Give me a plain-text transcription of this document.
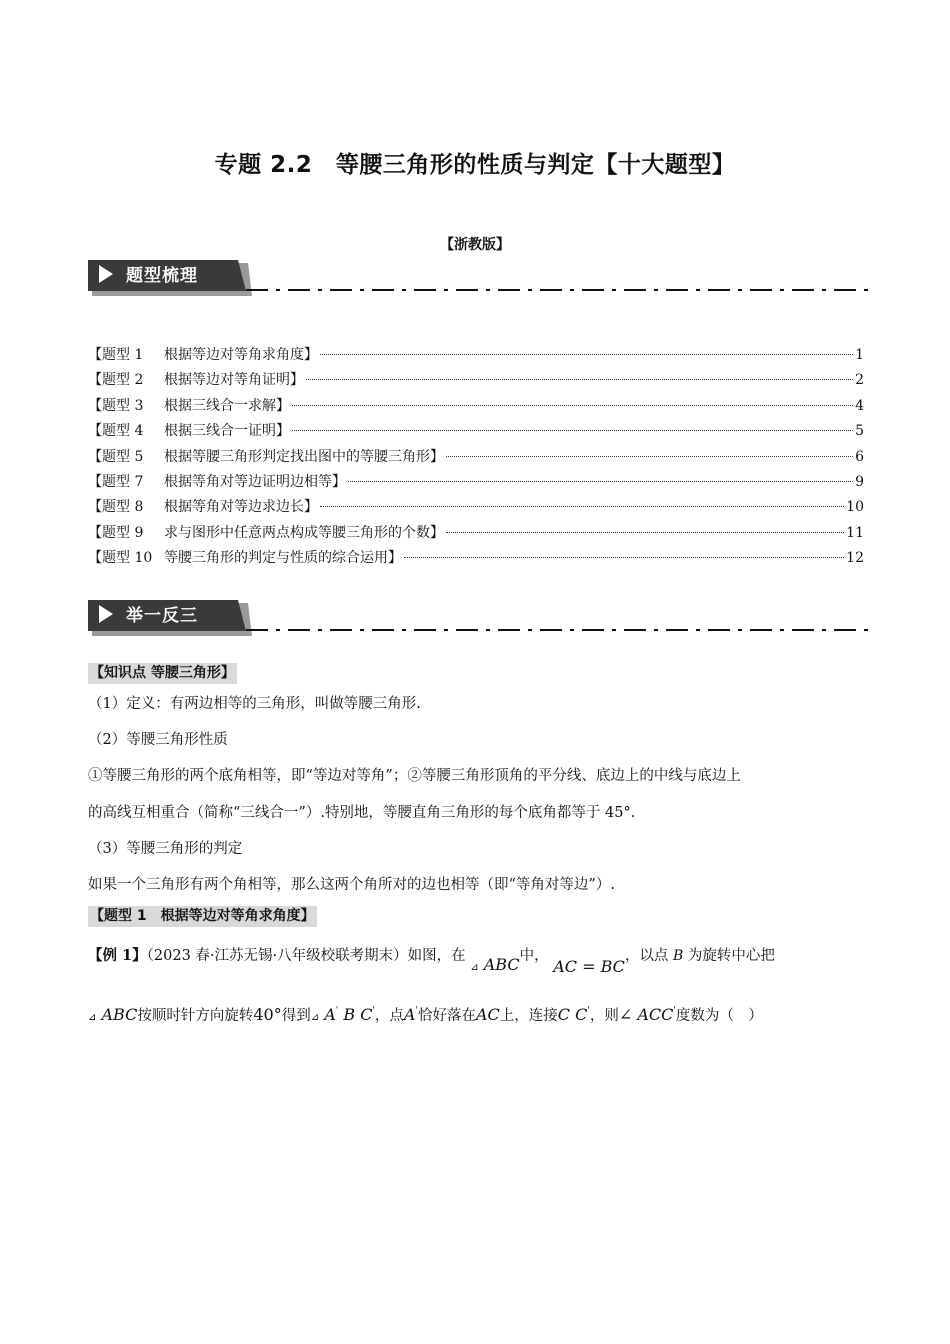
专题 2.2　等腰三角形的性质与判定【十大题型】
【浙教版】
题型梳理
【题型 1	根据等边对等角求角度】	1
【题型 2	根据等边对等角证明】	2
【题型 3	根据三线合一求解】	4
【题型 4	根据三线合一证明】	5
【题型 5	根据等腰三角形判定找出图中的等腰三角形】	6
【题型 7	根据等角对等边证明边相等】	9
【题型 8	根据等角对等边求边长】	10
【题型 9	求与图形中任意两点构成等腰三角形的个数】	11
【题型 10 等腰三角形的判定与性质的综合运用】	12
举一反三
【知识点 等腰三角形】
（1）定义：有两边相等的三角形，叫做等腰三角形.
（2）等腰三角形性质
①等腰三角形的两个底角相等，即“等边对等角”；②等腰三角形顶角的平分线、底边上的中线与底边上
的高线互相重合（简称“三线合一”）.特别地，等腰直角三角形的每个底角都等于 45°.
（3）等腰三角形的判定
如果一个三角形有两个角相等，那么这两个角所对的边也相等（即“等角对等边”）.
【题型 1　根据等边对等角求角度】
【例 1】（2023 春·江苏无锡·八年级校联考期末）如图，在 ⊿ ABC中， AC = BC，以点 B 为旋转中心把
⊿ ABC按顺时针方向旋转40°得到⊿ A' B C'，点A'恰好落在AC上，连接C C'，则∠ ACC'度数为（　）
